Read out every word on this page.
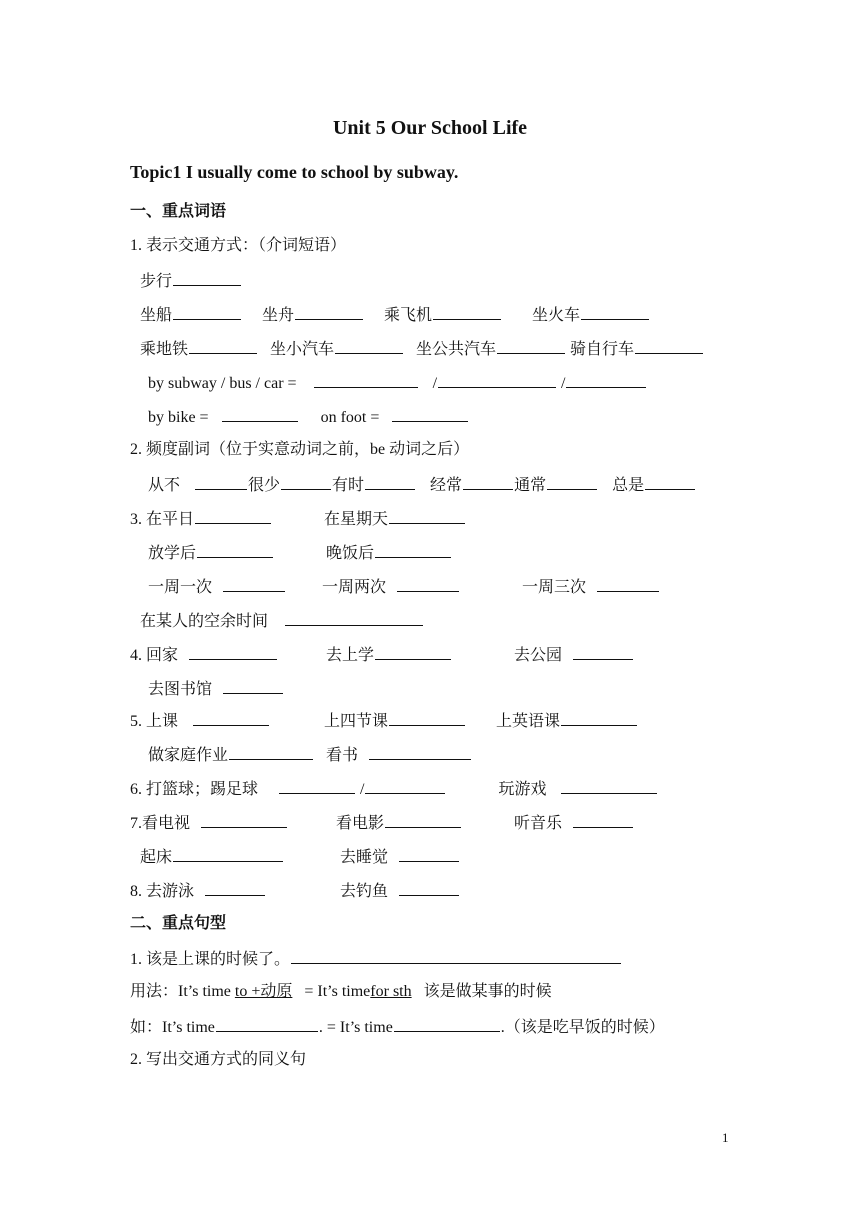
Unit 5 Our School Life
Topic1 I usually come to school by subway.
一、重点词语
1. 表示交通方式：（介词短语）
步行
坐船	坐舟	乘飞机	坐火车
乘地铁	坐小汽车	坐公共汽车	骑自行车
by subway / bus / car =	/	/
by bike =	on foot =
2. 频度副词（位于实意动词之前，be 动词之后）
从不	很少	有时	经常	通常	总是
3. 在平日	在星期天
放学后	晚饭后
一周一次	一周两次	一周三次
在某人的空余时间
4. 回家	去上学	去公园
去图书馆
5. 上课	上四节课	上英语课
做家庭作业	看书
6. 打篮球；踢足球	/	玩游戏
7.看电视	看电影	听音乐
起床	去睡觉
8. 去游泳	去钓鱼
二、重点句型
1. 该是上课的时候了。
用法：It’s time to +动原 = It’s timefor sth 该是做某事的时候
如：It’s time	. = It’s time	.（该是吃早饭的时候）
2. 写出交通方式的同义句
1
